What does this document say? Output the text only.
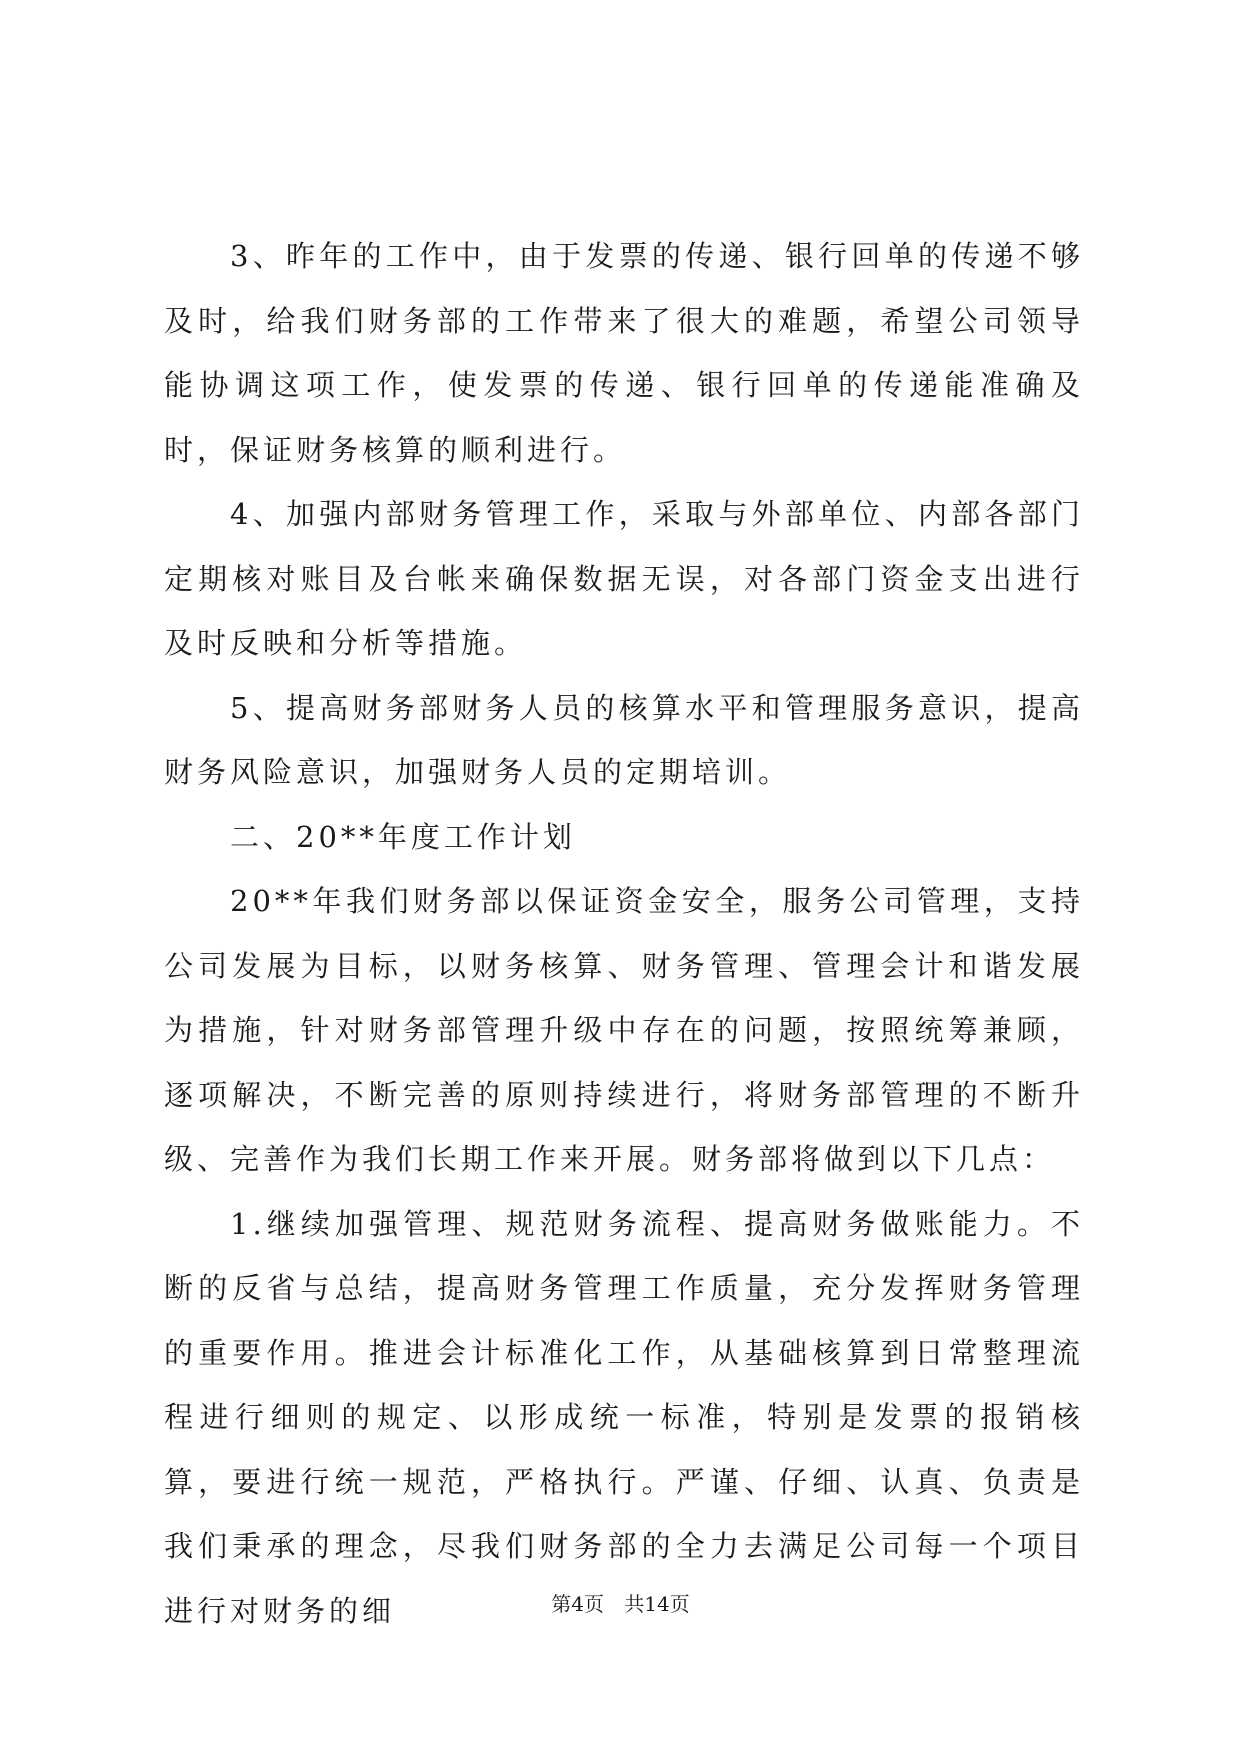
3、昨年的工作中，由于发票的传递、银行回单的传递不够及时，给我们财务部的工作带来了很大的难题，希望公司领导能协调这项工作，使发票的传递、银行回单的传递能准确及时，保证财务核算的顺利进行。

4、加强内部财务管理工作，采取与外部单位、内部各部门定期核对账目及台帐来确保数据无误，对各部门资金支出进行及时反映和分析等措施。

5、提高财务部财务人员的核算水平和管理服务意识，提高财务风险意识，加强财务人员的定期培训。

二、20**年度工作计划

20**年我们财务部以保证资金安全，服务公司管理，支持公司发展为目标，以财务核算、财务管理、管理会计和谐发展为措施，针对财务部管理升级中存在的问题，按照统筹兼顾，逐项解决，不断完善的原则持续进行，将财务部管理的不断升级、完善作为我们长期工作来开展。财务部将做到以下几点：

1.继续加强管理、规范财务流程、提高财务做账能力。不断的反省与总结，提高财务管理工作质量，充分发挥财务管理的重要作用。推进会计标准化工作，从基础核算到日常整理流程进行细则的规定、以形成统一标准，特别是发票的报销核算，要进行统一规范，严格执行。严谨、仔细、认真、负责是我们秉承的理念，尽我们财务部的全力去满足公司每一个项目进行对财务的细	第4页 共14页
